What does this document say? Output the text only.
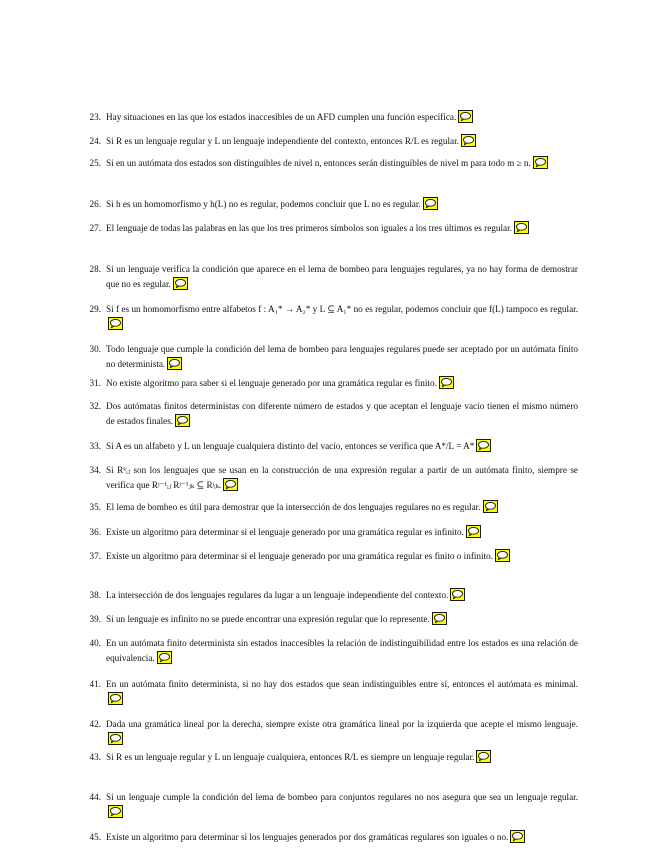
23. Hay situaciones en las que los estados inaccesibles de un AFD cumplen una función específica.
24. Si R es un lenguaje regular y L un lenguaje independiente del contexto, entonces R/L es regular.
25. Si en un autómata dos estados son distinguibles de nivel n, entonces serán distinguibles de nivel m para todo m ≥ n.
26. Si h es un homomorfismo y h(L) no es regular, podemos concluir que L no es regular.
27. El lenguaje de todas las palabras en las que los tres primeros símbolos son iguales a los tres últimos es regular.
28. Si un lenguaje verifica la condición que aparece en el lema de bombeo para lenguajes regulares, ya no hay forma de demostrar que no es regular.
29. Si f es un homomorfismo entre alfabetos f : A₁* → A₂* y L ⊆ A₁* no es regular, podemos concluir que f(L) tampoco es regular.
30. Todo lenguaje que cumple la condición del lema de bombeo para lenguajes regulares puede ser aceptado por un autómata finito no determinista.
31. No existe algoritmo para saber si el lenguaje generado por una gramática regular es finito.
32. Dos autómatas finitos deterministas con diferente número de estados y que aceptan el lenguaje vacío tienen el mismo número de estados finales.
33. Si A es un alfabeto y L un lenguaje cualquiera distinto del vacío, entonces se verifica que A*/L = A*
34. Si Rᵏᵢⱼ son los lenguajes que se usan en la construcción de una expresión regular a partir de un autómata finito, siempre se verifica que Rʲ⁻¹ᵢⱼ Rʲ⁻¹ⱼₖ ⊆ Rʲᵢₖ.
35. El lema de bombeo es útil para demostrar que la intersección de dos lenguajes regulares no es regular.
36. Existe un algoritmo para determinar si el lenguaje generado por una gramática regular es infinito.
37. Existe un algoritmo para determinar si el lenguaje generado por una gramática regular es finito o infinito.
38. La intersección de dos lenguajes regulares da lugar a un lenguaje independiente del contexto.
39. Si un lenguaje es infinito no se puede encontrar una expresión regular que lo represente.
40. En un autómata finito determinista sin estados inaccesibles la relación de indistinguibilidad entre los estados es una relación de equivalencia.
41. En un autómata finito determinista, si no hay dos estados que sean indistinguibles entre sí, entonces el autómata es minimal.
42. Dada una gramática lineal por la derecha, siempre existe otra gramática lineal por la izquierda que acepte el mismo lenguaje.
43. Si R es un lenguaje regular y L un lenguaje cualquiera, entonces R/L es siempre un lenguaje regular.
44. Si un lenguaje cumple la condición del lema de bombeo para conjuntos regulares no nos asegura que sea un lenguaje regular.
45. Existe un algoritmo para determinar si los lenguajes generados por dos gramáticas regulares son iguales o no.
